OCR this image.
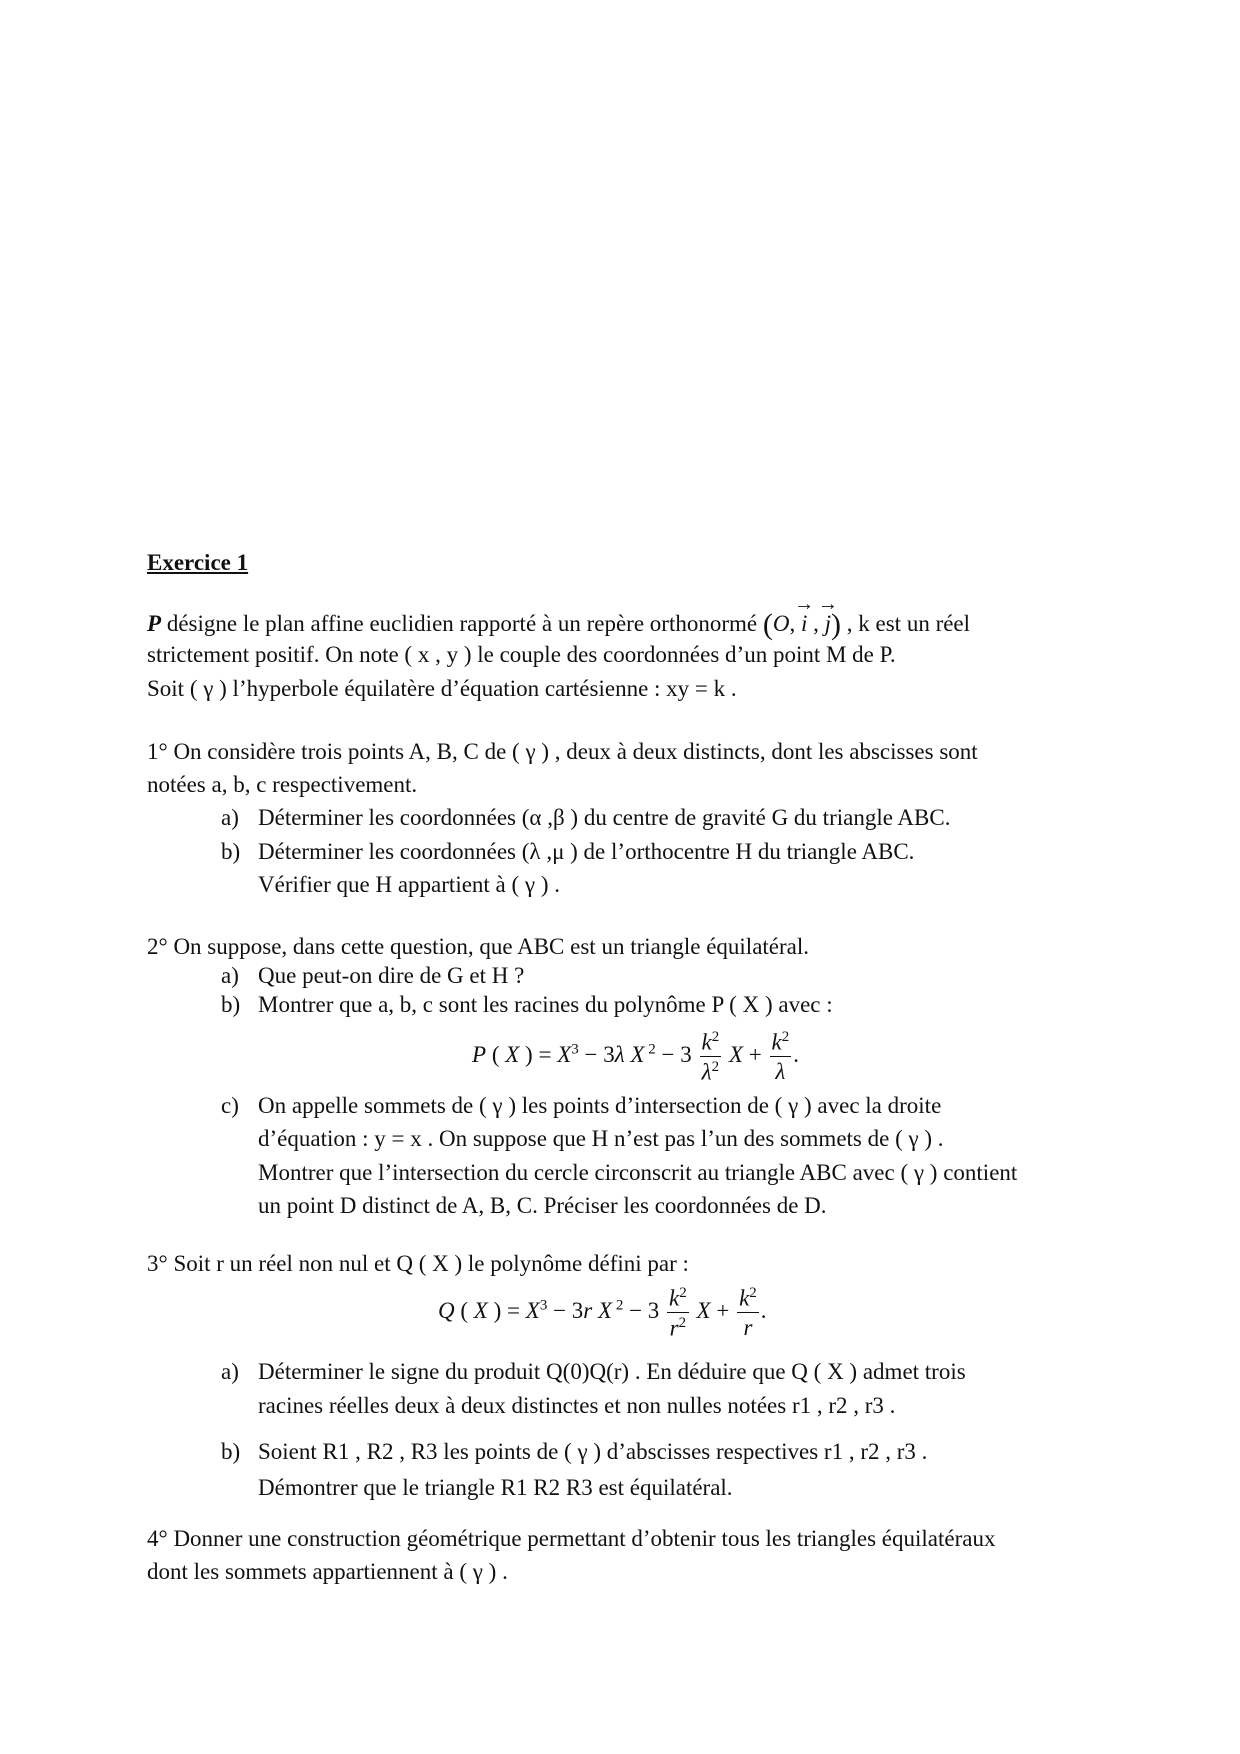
Exercice 1
P désigne le plan affine euclidien rapporté à un repère orthonormé (O, → i , → j) , k est un réel
strictement positif. On note ( x , y ) le couple des coordonnées d’un point M de P.
Soit ( γ ) l’hyperbole équilatère d’équation cartésienne : xy = k .
1° On considère trois points A, B, C de ( γ ) , deux à deux distincts, dont les abscisses sont
notées a, b, c respectivement.
a) Déterminer les coordonnées (α ,β ) du centre de gravité G du triangle ABC.
b) Déterminer les coordonnées (λ ,μ ) de l’orthocentre H du triangle ABC.
Vérifier que H appartient à ( γ ) .
2° On suppose, dans cette question, que ABC est un triangle équilatéral.
a) Que peut-on dire de G et H ?
b) Montrer que a, b, c sont les racines du polynôme P ( X ) avec :
P ( X ) = $X^3 - 3\lambda$ X $^2 - 3 \frac{k^2}{\lambda^2}$ $X + \frac{k^2}{\lambda}$ .
c) On appelle sommets de ( γ ) les points d’intersection de ( γ ) avec la droite
d’équation : y = x . On suppose que H n’est pas l’un des sommets de ( γ ) .
Montrer que l’intersection du cercle circonscrit au triangle ABC avec ( γ ) contient
un point D distinct de A, B, C. Préciser les coordonnées de D.
3° Soit r un réel non nul et Q ( X ) le polynôme défini par :
Q ( X ) = $X^3 - 3r$ X $^2 - 3 \frac{k^2}{r^2}$ $X + \frac{k^2}{r}$ .
a) Déterminer le signe du produit Q(0)Q(r) . En déduire que Q ( X ) admet trois
racines réelles deux à deux distinctes et non nulles notées r1 , r2 , r3 .
b) Soient R1 , R2 , R3 les points de ( γ ) d’abscisses respectives r1 , r2 , r3 .
Démontrer que le triangle R1 R2 R3 est équilatéral.
4° Donner une construction géométrique permettant d’obtenir tous les triangles équilatéraux
dont les sommets appartiennent à ( γ ) .
